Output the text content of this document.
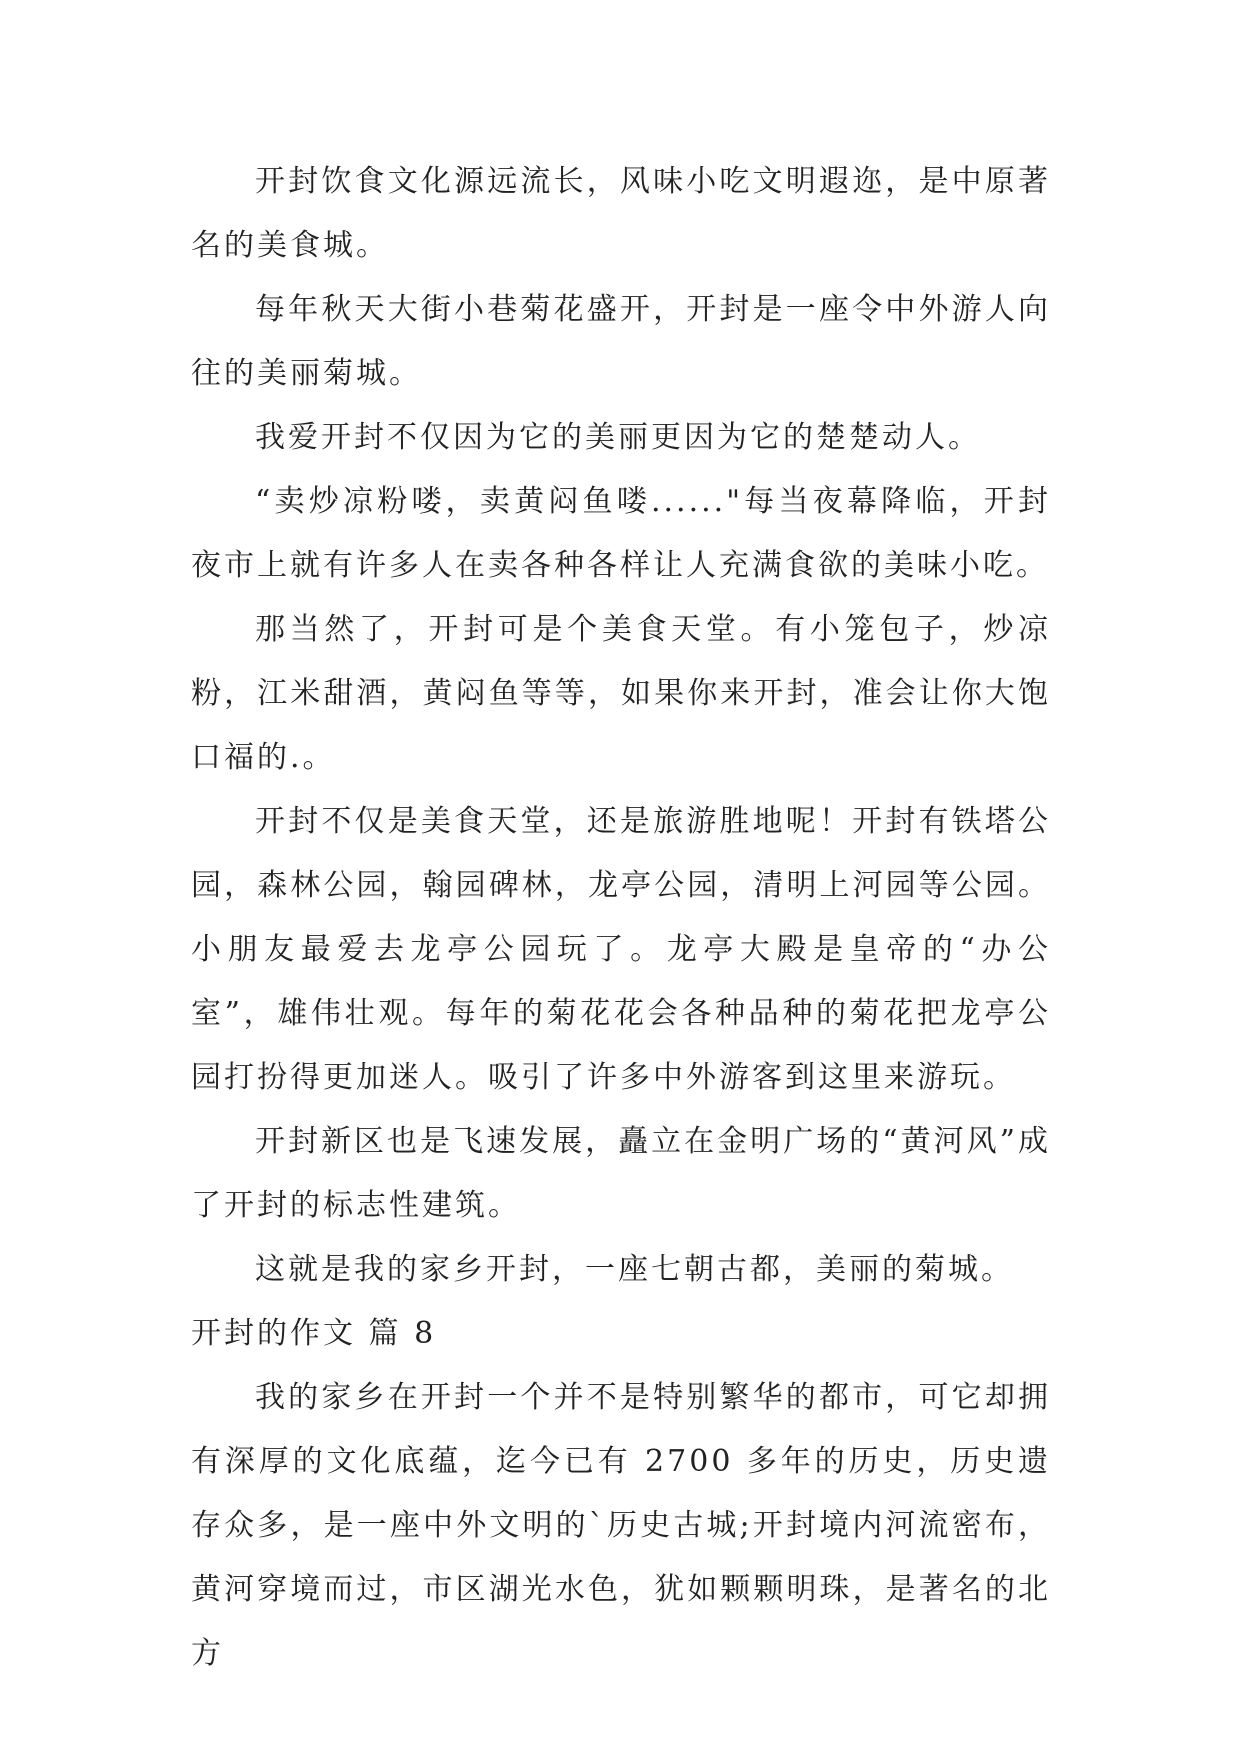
开封饮食文化源远流长，风味小吃文明遐迩，是中原著名的美食城。

每年秋天大街小巷菊花盛开，开封是一座令中外游人向往的美丽菊城。

我爱开封不仅因为它的美丽更因为它的楚楚动人。

“卖炒凉粉喽，卖黄闷鱼喽......"每当夜幕降临，开封夜市上就有许多人在卖各种各样让人充满食欲的美味小吃。

那当然了，开封可是个美食天堂。有小笼包子，炒凉粉，江米甜酒，黄闷鱼等等，如果你来开封，准会让你大饱口福的.。

开封不仅是美食天堂，还是旅游胜地呢！开封有铁塔公园，森林公园，翰园碑林，龙亭公园，清明上河园等公园。小朋友最爱去龙亭公园玩了。龙亭大殿是皇帝的“办公室”，雄伟壮观。每年的菊花花会各种品种的菊花把龙亭公园打扮得更加迷人。吸引了许多中外游客到这里来游玩。

开封新区也是飞速发展，矗立在金明广场的“黄河风”成了开封的标志性建筑。

这就是我的家乡开封，一座七朝古都，美丽的菊城。

开封的作文 篇 8

我的家乡在开封一个并不是特别繁华的都市，可它却拥有深厚的文化底蕴，迄今已有 2700 多年的历史，历史遗存众多，是一座中外文明的`历史古城;开封境内河流密布，黄河穿境而过，市区湖光水色，犹如颗颗明珠，是著名的北方
